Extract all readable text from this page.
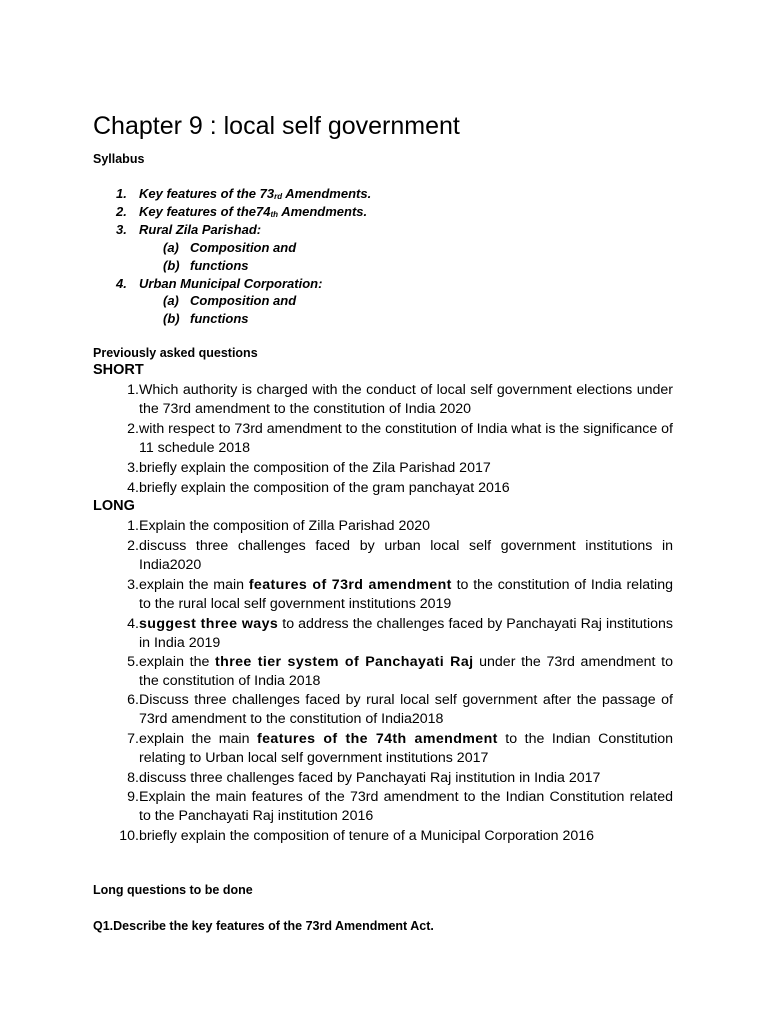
Chapter 9 : local self government
Syllabus
1. Key features of the $73_{rd}$ Amendments.
2. Key features of $the74_{th}$ Amendments.
3. Rural Zila Parishad:
(a) Composition and
(b) functions
4. Urban Municipal Corporation:
(a) Composition and
(b) functions
Previously asked questions
SHORT
1. Which authority is charged with the conduct of local self government elections under the 73rd amendment to the constitution of India 2020
2. with respect to 73rd amendment to the constitution of India what is the significance of 11 schedule 2018
3. briefly explain the composition of the Zila Parishad 2017
4. briefly explain the composition of the gram panchayat 2016
LONG
1. Explain the composition of Zilla Parishad 2020
2. discuss three challenges faced by urban local self government institutions in India2020
3. explain the main features of 73rd amendment to the constitution of India relating to the rural local self government institutions 2019
4. suggest three ways to address the challenges faced by Panchayati Raj institutions in India 2019
5. explain the three tier system of Panchayati Raj under the 73rd amendment to the constitution of India 2018
6. Discuss three challenges faced by rural local self government after the passage of 73rd amendment to the constitution of India2018
7. explain the main features of the 74th amendment to the Indian Constitution relating to Urban local self government institutions 2017
8. discuss three challenges faced by Panchayati Raj institution in India 2017
9. Explain the main features of the 73rd amendment to the Indian Constitution related to the Panchayati Raj institution 2016
10. briefly explain the composition of tenure of a Municipal Corporation 2016
Long questions to be done
Q1.Describe the key features of the 73rd Amendment Act.
